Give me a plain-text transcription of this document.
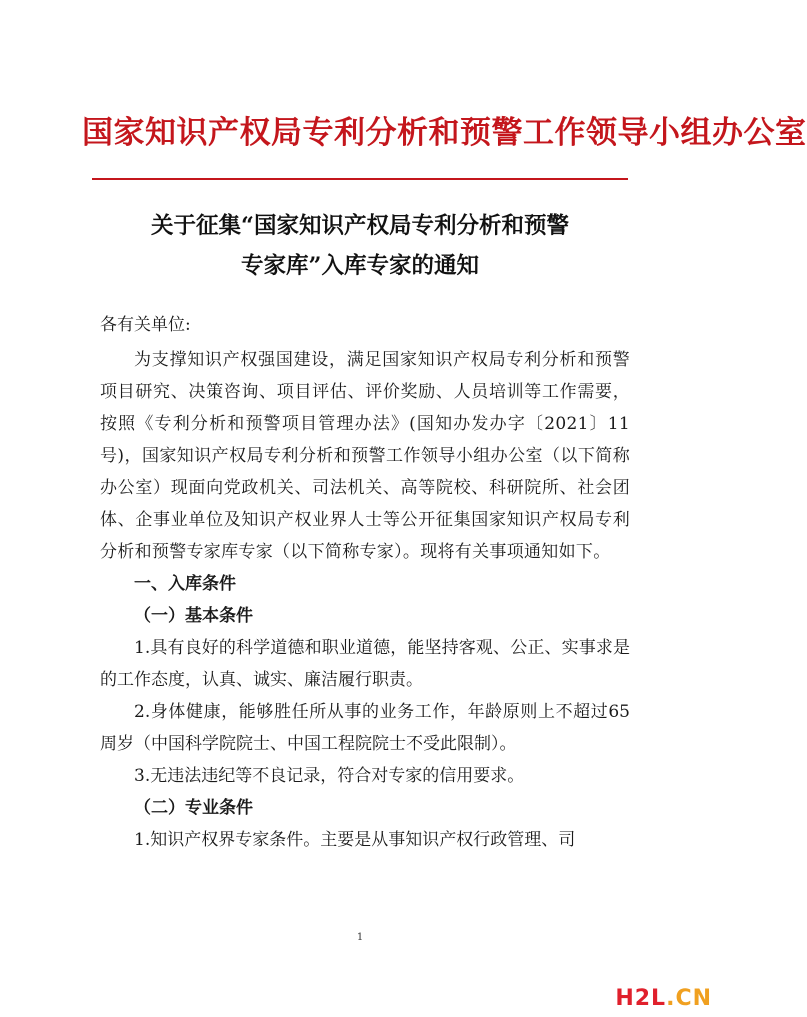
国家知识产权局专利分析和预警工作领导小组办公室
关于征集“国家知识产权局专利分析和预警
专家库”入库专家的通知

各有关单位:

为支撑知识产权强国建设，满足国家知识产权局专利分析和预警项目研究、决策咨询、项目评估、评价奖励、人员培训等工作需要，按照《专利分析和预警项目管理办法》(国知办发办字〔2021〕11号)，国家知识产权局专利分析和预警工作领导小组办公室（以下简称办公室）现面向党政机关、司法机关、高等院校、科研院所、社会团体、企事业单位及知识产权业界人士等公开征集国家知识产权局专利分析和预警专家库专家（以下简称专家）。现将有关事项通知如下。

一、入库条件

（一）基本条件

1.具有良好的科学道德和职业道德，能坚持客观、公正、实事求是的工作态度，认真、诚实、廉洁履行职责。

2.身体健康，能够胜任所从事的业务工作，年龄原则上不超过65周岁（中国科学院院士、中国工程院院士不受此限制）。

3.无违法违纪等不良记录，符合对专家的信用要求。

（二）专业条件

1.知识产权界专家条件。主要是从事知识产权行政管理、司

1
H2L.CN
